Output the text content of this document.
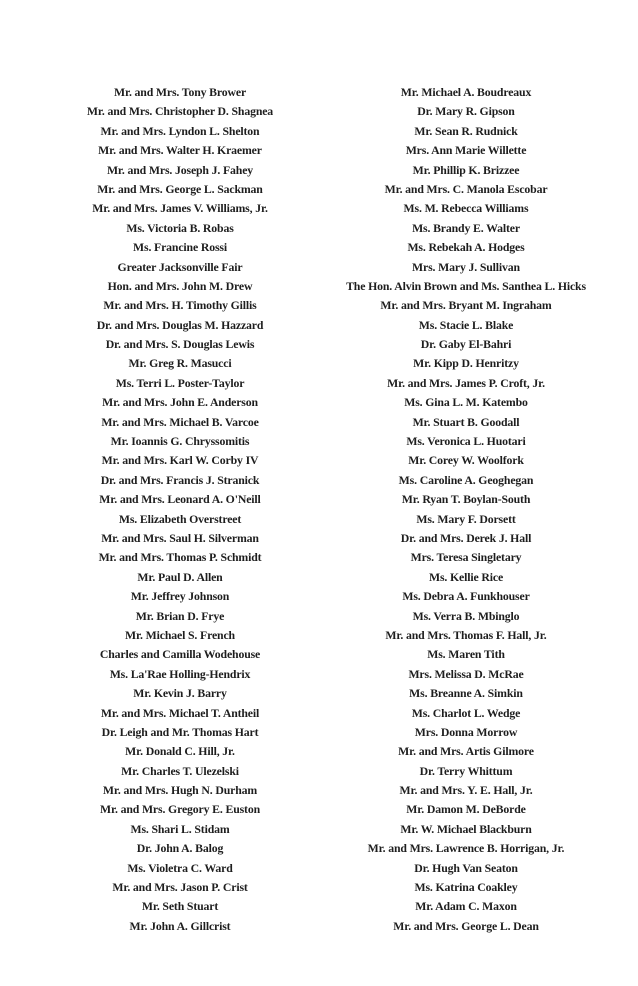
Mr. and Mrs. Tony Brower
Mr. and Mrs. Christopher D. Shagnea
Mr. and Mrs. Lyndon L. Shelton
Mr. and Mrs. Walter H. Kraemer
Mr. and Mrs. Joseph J. Fahey
Mr. and Mrs. George L. Sackman
Mr. and Mrs. James V. Williams, Jr.
Ms. Victoria B. Robas
Ms. Francine Rossi
Greater Jacksonville Fair
Hon. and Mrs. John M. Drew
Mr. and Mrs. H. Timothy Gillis
Dr. and Mrs. Douglas M. Hazzard
Dr. and Mrs. S. Douglas Lewis
Mr. Greg R. Masucci
Ms. Terri L. Poster-Taylor
Mr. and Mrs. John E. Anderson
Mr. and Mrs. Michael B. Varcoe
Mr. Ioannis G. Chryssomitis
Mr. and Mrs. Karl W. Corby IV
Dr. and Mrs. Francis J. Stranick
Mr. and Mrs. Leonard A. O'Neill
Ms. Elizabeth Overstreet
Mr. and Mrs. Saul H. Silverman
Mr. and Mrs. Thomas P. Schmidt
Mr. Paul D. Allen
Mr. Jeffrey Johnson
Mr. Brian D. Frye
Mr. Michael S. French
Charles and Camilla Wodehouse
Ms. La'Rae Holling-Hendrix
Mr. Kevin J. Barry
Mr. and Mrs. Michael T. Antheil
Dr. Leigh and Mr. Thomas Hart
Mr. Donald C. Hill, Jr.
Mr. Charles T. Ulezelski
Mr. and Mrs. Hugh N. Durham
Mr. and Mrs. Gregory E. Euston
Ms. Shari L. Stidam
Dr. John A. Balog
Ms. Violetra C. Ward
Mr. and Mrs. Jason P. Crist
Mr. Seth Stuart
Mr. John A. Gillcrist
Mr. Michael A. Boudreaux
Dr. Mary R. Gipson
Mr. Sean R. Rudnick
Mrs. Ann Marie Willette
Mr. Phillip K. Brizzee
Mr. and Mrs. C. Manola Escobar
Ms. M. Rebecca Williams
Ms. Brandy E. Walter
Ms. Rebekah A. Hodges
Mrs. Mary J. Sullivan
The Hon. Alvin Brown and Ms. Santhea L. Hicks
Mr. and Mrs. Bryant M. Ingraham
Ms. Stacie L. Blake
Dr. Gaby El-Bahri
Mr. Kipp D. Henritzy
Mr. and Mrs. James P. Croft, Jr.
Ms. Gina L. M. Katembo
Mr. Stuart B. Goodall
Ms. Veronica L. Huotari
Mr. Corey W. Woolfork
Ms. Caroline A. Geoghegan
Mr. Ryan T. Boylan-South
Ms. Mary F. Dorsett
Dr. and Mrs. Derek J. Hall
Mrs. Teresa Singletary
Ms. Kellie Rice
Ms. Debra A. Funkhouser
Ms. Verra B. Mbinglo
Mr. and Mrs. Thomas F. Hall, Jr.
Ms. Maren Tith
Mrs. Melissa D. McRae
Ms. Breanne A. Simkin
Ms. Charlot L. Wedge
Mrs. Donna Morrow
Mr. and Mrs. Artis Gilmore
Dr. Terry Whittum
Mr. and Mrs. Y. E. Hall, Jr.
Mr. Damon M. DeBorde
Mr. W. Michael Blackburn
Mr. and Mrs. Lawrence B. Horrigan, Jr.
Dr. Hugh Van Seaton
Ms. Katrina Coakley
Mr. Adam C. Maxon
Mr. and Mrs. George L. Dean
